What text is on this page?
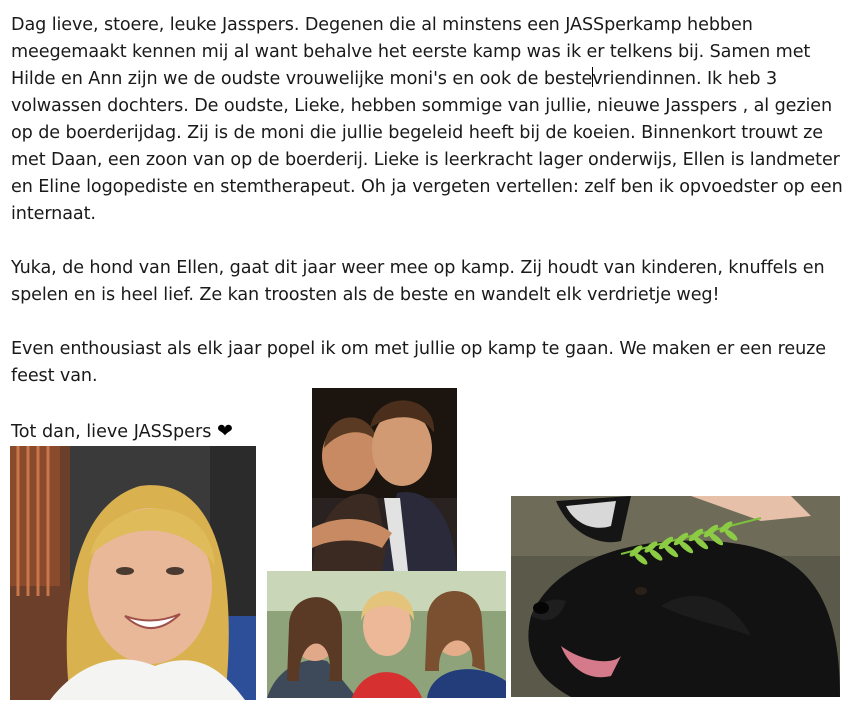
Dag lieve, stoere, leuke Jasspers. Degenen die al minstens een JASSperkamp hebben meegemaakt kennen mij al want behalve het eerste kamp was ik er telkens bij. Samen met Hilde en Ann zijn we de oudste vrouwelijke moni's en ook de bestevriendinnen. Ik heb 3 volwassen dochters. De oudste, Lieke, hebben sommige van jullie, nieuwe Jasspers , al gezien op de boerderijdag. Zij is de moni die jullie begeleid heeft bij de koeien. Binnenkort trouwt ze met Daan, een zoon van op de boerderij. Lieke is leerkracht lager onderwijs, Ellen is landmeter en Eline logopediste en stemtherapeut. Oh ja vergeten vertellen: zelf ben ik opvoedster op een internaat.

Yuka, de hond van Ellen, gaat dit jaar weer mee op kamp. Zij houdt van kinderen, knuffels en spelen en is heel lief. Ze kan troosten als de beste en wandelt elk verdrietje weg!

Even enthousiast als elk jaar popel ik om met jullie op kamp te gaan. We maken er een reuze feest van.

Tot dan, lieve JASSpers ❤
